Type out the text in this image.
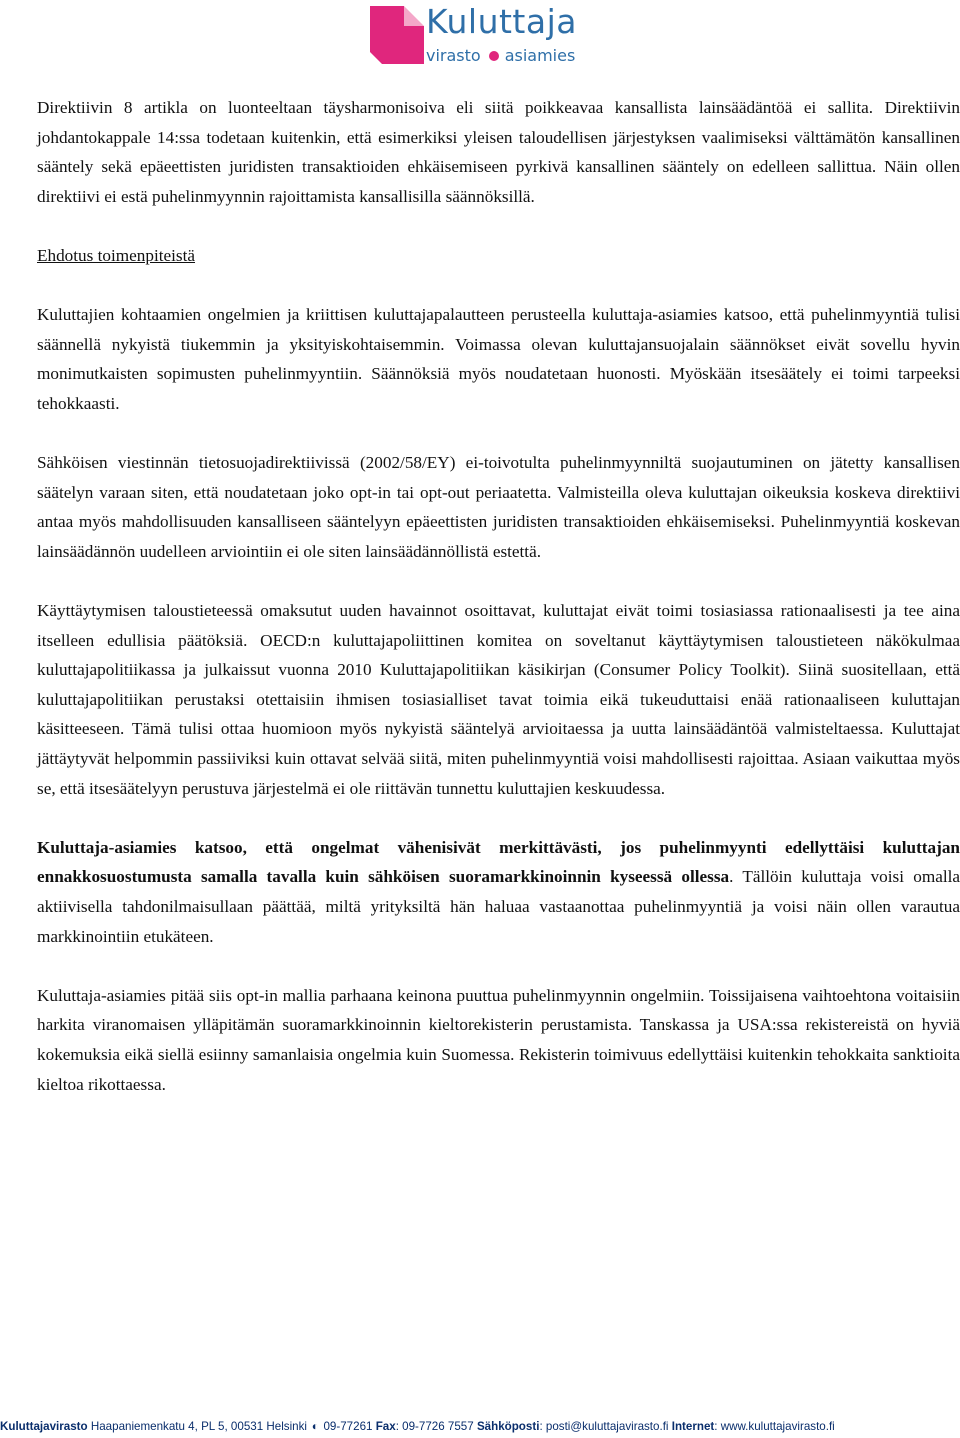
Kuluttaja
virasto asiamies

Direktiivin 8 artikla on luonteeltaan täysharmonisoiva eli siitä poikkeavaa kansallista lainsäädäntöä ei sallita. Direktiivin johdantokappale 14:ssa todetaan kuitenkin, että esimerkiksi yleisen taloudellisen järjestyksen vaalimiseksi välttämätön kansallinen sääntely sekä epäeettisten juridisten transaktioiden ehkäisemiseen pyrkivä kansallinen sääntely on edelleen sallittua. Näin ollen direktiivi ei estä puhelinmyynnin rajoittamista kansallisilla säännöksillä.

Ehdotus toimenpiteistä

Kuluttajien kohtaamien ongelmien ja kriittisen kuluttajapalautteen perusteella kuluttaja-asiamies katsoo, että puhelinmyyntiä tulisi säännellä nykyistä tiukemmin ja yksityiskohtaisemmin. Voimassa olevan kuluttajansuojalain säännökset eivät sovellu hyvin monimutkaisten sopimusten puhelinmyyntiin. Säännöksiä myös noudatetaan huonosti. Myöskään itsesäätely ei toimi tarpeeksi tehokkaasti.

Sähköisen viestinnän tietosuojadirektiivissä (2002/58/EY) ei-toivotulta puhelinmyynniltä suojautuminen on jätetty kansallisen säätelyn varaan siten, että noudatetaan joko opt-in tai opt-out periaatetta. Valmisteilla oleva kuluttajan oikeuksia koskeva direktiivi antaa myös mahdollisuuden kansalliseen sääntelyyn epäeettisten juridisten transaktioiden ehkäisemiseksi. Puhelinmyyntiä koskevan lainsäädännön uudelleen arviointiin ei ole siten lainsäädännöllistä estettä.

Käyttäytymisen taloustieteessä omaksutut uuden havainnot osoittavat, kuluttajat eivät toimi tosiasiassa rationaalisesti ja tee aina itselleen edullisia päätöksiä. OECD:n kuluttajapoliittinen komitea on soveltanut käyttäytymisen taloustieteen näkökulmaa kuluttajapolitiikassa ja julkaissut vuonna 2010 Kuluttajapolitiikan käsikirjan (Consumer Policy Toolkit). Siinä suositellaan, että kuluttajapolitiikan perustaksi otettaisiin ihmisen tosiasialliset tavat toimia eikä tukeuduttaisi enää rationaaliseen kuluttajan käsitteeseen. Tämä tulisi ottaa huomioon myös nykyistä sääntelyä arvioitaessa ja uutta lainsäädäntöä valmisteltaessa. Kuluttajat jättäytyvät helpommin passiiviksi kuin ottavat selvää siitä, miten puhelinmyyntiä voisi mahdollisesti rajoittaa. Asiaan vaikuttaa myös se, että itsesäätelyyn perustuva järjestelmä ei ole riittävän tunnettu kuluttajien keskuudessa.

Kuluttaja-asiamies katsoo, että ongelmat vähenisivät merkittävästi, jos puhelinmyynti edellyttäisi kuluttajan ennakkosuostumusta samalla tavalla kuin sähköisen suoramarkkinoinnin kyseessä ollessa. Tällöin kuluttaja voisi omalla aktiivisella tahdonilmaisullaan päättää, miltä yrityksiltä hän haluaa vastaanottaa puhelinmyyntiä ja voisi näin ollen varautua markkinointiin etukäteen.

Kuluttaja-asiamies pitää siis opt-in mallia parhaana keinona puuttua puhelinmyynnin ongelmiin. Toissijaisena vaihtoehtona voitaisiin harkita viranomaisen ylläpitämän suoramarkkinoinnin kieltorekisterin perustamista. Tanskassa ja USA:ssa rekistereistä on hyviä kokemuksia eikä siellä esiinny samanlaisia ongelmia kuin Suomessa. Rekisterin toimivuus edellyttäisi kuitenkin tehokkaita sanktioita kieltoa rikottaessa.

Kuluttajavirasto Haapaniemenkatu 4, PL 5, 00531 Helsinki ◐ 09-77261 Fax: 09-7726 7557 Sähköposti: posti@kuluttajavirasto.fi Internet: www.kuluttajavirasto.fi
